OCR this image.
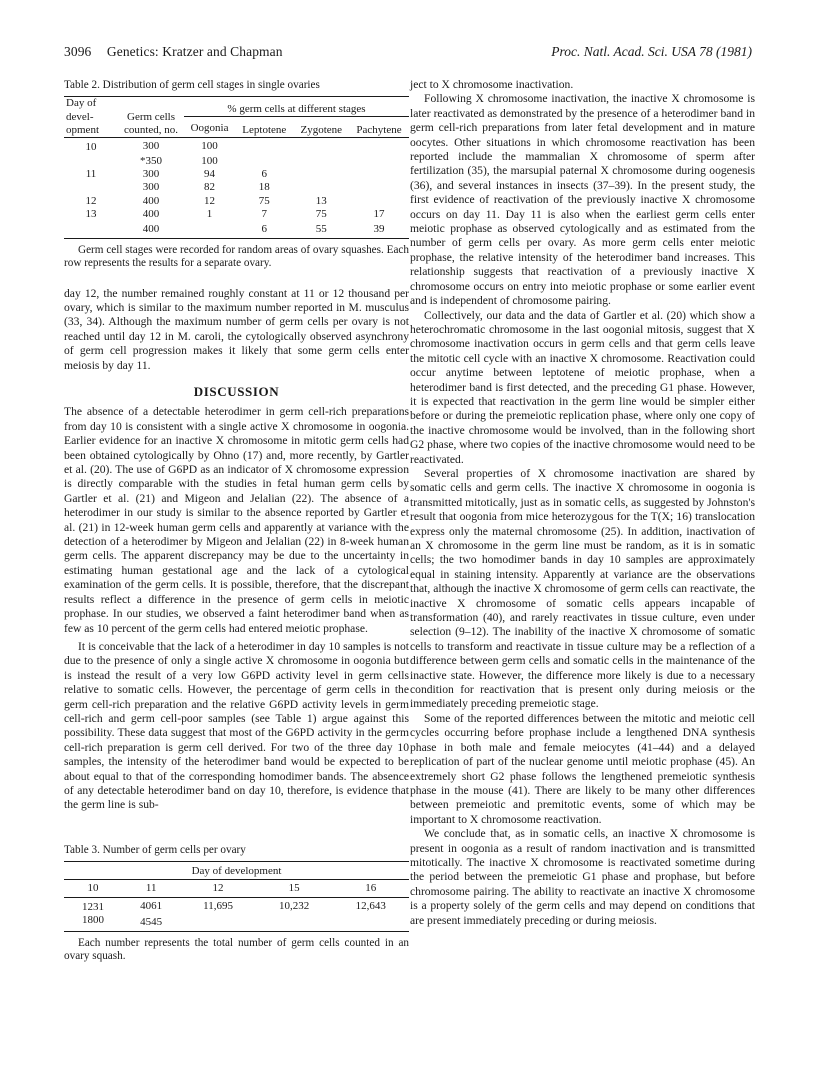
3096 Genetics: Kratzer and Chapman	Proc. Natl. Acad. Sci. USA 78 (1981)
Table 2. Distribution of germ cell stages in single ovaries
Day of devel- opment	Germ cells counted, no.	% germ cells at different stages			
		Oogonia	Leptotene	Zygotene	Pachytene
10	300	100			
	*350	100			
11	300	94	6		
	300	82	18		
12	400	12	75	13	
13	400	1	7	75	17
	400		6	55	39
Germ cell stages were recorded for random areas of ovary squashes. Each row represents the results for a separate ovary.

day 12, the number remained roughly constant at 11 or 12 thousand per ovary, which is similar to the maximum number reported in M. musculus (33, 34). Although the maximum number of germ cells per ovary is not reached until day 12 in M. caroli, the cytologically observed asynchrony of germ cell progression makes it likely that some germ cells enter meiosis by day 11.

DISCUSSION

The absence of a detectable heterodimer in germ cell-rich preparations from day 10 is consistent with a single active X chromosome in oogonia. Earlier evidence for an inactive X chromosome in mitotic germ cells had been obtained cytologically by Ohno (17) and, more recently, by Gartler et al. (20). The use of G6PD as an indicator of X chromosome expression is directly comparable with the studies in fetal human germ cells by Gartler et al. (21) and Migeon and Jelalian (22). The absence of a heterodimer in our study is similar to the absence reported by Gartler et al. (21) in 12-week human germ cells and apparently at variance with the detection of a heterodimer by Migeon and Jelalian (22) in 8-week human germ cells. The apparent discrepancy may be due to the uncertainty in estimating human gestational age and the lack of a cytological examination of the germ cells. It is possible, therefore, that the discrepant results reflect a difference in the presence of germ cells in meiotic prophase. In our studies, we observed a faint heterodimer band when as few as 10 percent of the germ cells had entered meiotic prophase.

It is conceivable that the lack of a heterodimer in day 10 samples is not due to the presence of only a single active X chromosome in oogonia but is instead the result of a very low G6PD activity level in germ cells relative to somatic cells. However, the percentage of germ cells in the germ cell-rich preparation and the relative G6PD activity levels in germ cell-rich and germ cell-poor samples (see Table 1) argue against this possibility. These data suggest that most of the G6PD activity in the germ cell-rich preparation is germ cell derived. For two of the three day 10 samples, the intensity of the heterodimer band would be expected to be about equal to that of the corresponding homodimer bands. The absence of any detectable heterodimer band on day 10, therefore, is evidence that the germ line is sub-

Table 3. Number of germ cells per ovary
Day of development				
10	11	12	15	16
1231	4061	11,695	10,232	12,643
1800	4545			
Each number represents the total number of germ cells counted in an ovary squash.

ject to X chromosome inactivation.

Following X chromosome inactivation, the inactive X chromosome is later reactivated as demonstrated by the presence of a heterodimer band in germ cell-rich preparations from later fetal development and in mature oocytes. Other situations in which chromosome reactivation has been reported include the mammalian X chromosome of sperm after fertilization (35), the marsupial paternal X chromosome during oogenesis (36), and several instances in insects (37–39). In the present study, the first evidence of reactivation of the previously inactive X chromosome occurs on day 11. Day 11 is also when the earliest germ cells enter meiotic prophase as observed cytologically and as estimated from the number of germ cells per ovary. As more germ cells enter meiotic prophase, the relative intensity of the heterodimer band increases. This relationship suggests that reactivation of a previously inactive X chromosome occurs on entry into meiotic prophase or some earlier event and is independent of chromosome pairing.

Collectively, our data and the data of Gartler et al. (20) which show a heterochromatic chromosome in the last oogonial mitosis, suggest that X chromosome inactivation occurs in germ cells and that germ cells leave the mitotic cell cycle with an inactive X chromosome. Reactivation could occur anytime between leptotene of meiotic prophase, when a heterodimer band is first detected, and the preceding G1 phase. However, it is expected that reactivation in the germ line would be simpler either before or during the premeiotic replication phase, where only one copy of the inactive chromosome would be involved, than in the following short G2 phase, where two copies of the inactive chromosome would need to be reactivated.

Several properties of X chromosome inactivation are shared by somatic cells and germ cells. The inactive X chromosome in oogonia is transmitted mitotically, just as in somatic cells, as suggested by Johnston's result that oogonia from mice heterozygous for the T(X; 16) translocation express only the maternal chromosome (25). In addition, inactivation of an X chromosome in the germ line must be random, as it is in somatic cells; the two homodimer bands in day 10 samples are approximately equal in staining intensity. Apparently at variance are the observations that, although the inactive X chromosome of germ cells can reactivate, the inactive X chromosome of somatic cells appears incapable of transformation (40), and rarely reactivates in tissue culture, even under selection (9–12). The inability of the inactive X chromosome of somatic cells to transform and reactivate in tissue culture may be a reflection of a difference between germ cells and somatic cells in the maintenance of the inactive state. However, the difference more likely is due to a necessary condition for reactivation that is present only during meiosis or the immediately preceding premeiotic stage.

Some of the reported differences between the mitotic and meiotic cell cycles occurring before prophase include a lengthened DNA synthesis phase in both male and female meiocytes (41–44) and a delayed replication of part of the nuclear genome until meiotic prophase (45). An extremely short G2 phase follows the lengthened premeiotic synthesis phase in the mouse (41). There are likely to be many other differences between premeiotic and premitotic events, some of which may be important to X chromosome reactivation.

We conclude that, as in somatic cells, an inactive X chromosome is present in oogonia as a result of random inactivation and is transmitted mitotically. The inactive X chromosome is reactivated sometime during the period between the premeiotic G1 phase and prophase, but before chromosome pairing. The ability to reactivate an inactive X chromosome is a property solely of the germ cells and may depend on conditions that are present immediately preceding or during meiosis.
